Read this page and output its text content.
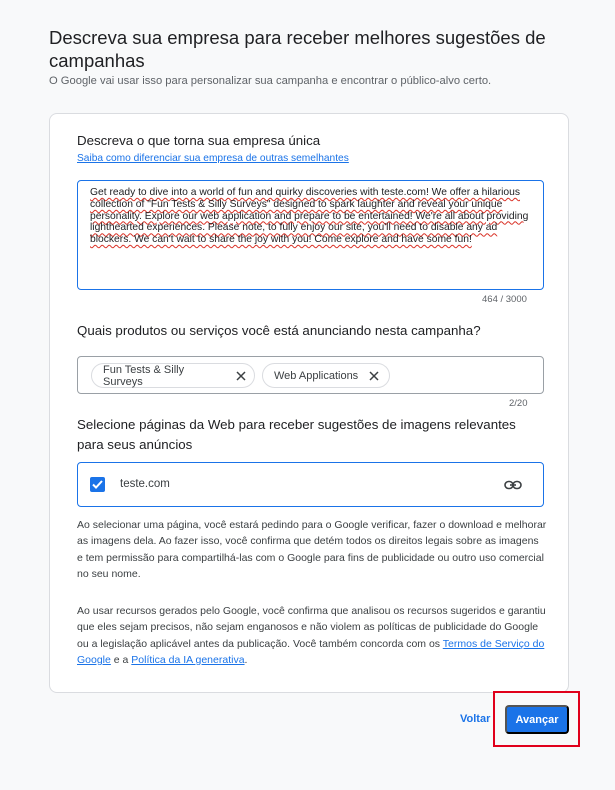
Descreva sua empresa para receber melhores sugestões de campanhas
O Google vai usar isso para personalizar sua campanha e encontrar o público-alvo certo.
Descreva o que torna sua empresa única
Saiba como diferenciar sua empresa de outras semelhantes
Get ready to dive into a world of fun and quirky discoveries with teste.com! We offer a hilarious collection of "Fun Tests & Silly Surveys" designed to spark laughter and reveal your unique personality. Explore our web application and prepare to be entertained! We're all about providing lighthearted experiences. Please note, to fully enjoy our site, you'll need to disable any ad blockers. We can't wait to share the joy with you! Come explore and have some fun!
464 / 3000
Quais produtos ou serviços você está anunciando nesta campanha?
Fun Tests & Silly Surveys	Web Applications
2/20
Selecione páginas da Web para receber sugestões de imagens relevantes para seus anúncios
teste.com
Ao selecionar uma página, você estará pedindo para o Google verificar, fazer o download e melhorar as imagens dela. Ao fazer isso, você confirma que detém todos os direitos legais sobre as imagens e tem permissão para compartilhá-las com o Google para fins de publicidade ou outro uso comercial no seu nome.
Ao usar recursos gerados pelo Google, você confirma que analisou os recursos sugeridos e garantiu que eles sejam precisos, não sejam enganosos e não violem as políticas de publicidade do Google ou a legislação aplicável antes da publicação. Você também concorda com os Termos de Serviço do Google e a Política da IA generativa.
Voltar	Avançar
